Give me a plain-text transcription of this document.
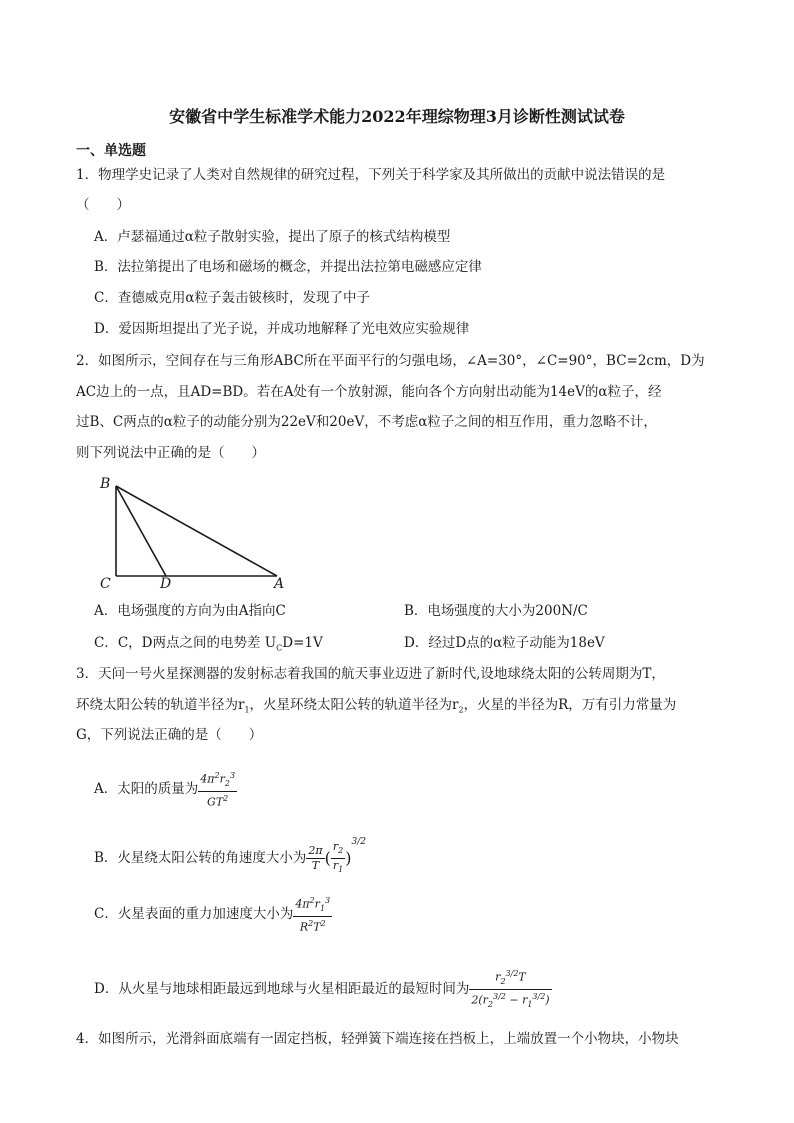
安徽省中学生标准学术能力2022年理综物理3月诊断性测试试卷
一、单选题
1．物理学史记录了人类对自然规律的研究过程，下列关于科学家及其所做出的贡献中说法错误的是
（　　）
A．卢瑟福通过α粒子散射实验，提出了原子的核式结构模型
B．法拉第提出了电场和磁场的概念，并提出法拉第电磁感应定律
C．查德威克用α粒子轰击铍核时，发现了中子
D．爱因斯坦提出了光子说，并成功地解释了光电效应实验规律
2．如图所示，空间存在与三角形ABC所在平面平行的匀强电场，∠A=30°，∠C=90°，BC=2cm，D为
AC边上的一点，且AD=BD。若在A处有一个放射源，能向各个方向射出动能为14eV的α粒子，经
过B、C两点的α粒子的动能分别为22eV和20eV，不考虑α粒子之间的相互作用，重力忽略不计，
则下列说法中正确的是（　　）
B
C	D	A
A．电场强度的方向为由A指向C	B．电场强度的大小为200N/C
C．C，D两点之间的电势差 $U_CD=1V$	D．经过D点的α粒子动能为18eV
3．天问一号火星探测器的发射标志着我国的航天事业迈进了新时代,设地球绕太阳的公转周期为T，
环绕太阳公转的轨道半径为$r_1$，火星环绕太阳公转的轨道半径为$r_2$，火星的半径为R，万有引力常量为
G，下列说法正确的是（　　）
A．太阳的质量为 $\frac{4\pi^2r_2^3}{GT^2}$
B．火星绕太阳公转的角速度大小为 $\frac{2\pi}{T}$ ( $\frac{r_2}{r_1} )^{3/2}$
C．火星表面的重力加速度大小为 $\frac{4\pi^2r_1^3}{R^2T^2}$
D．从火星与地球相距最远到地球与火星相距最近的最短时间为 $\frac{r_2^{3/2}T}{2(r_2^{3/2} - r_1^{3/2})}$
4．如图所示，光滑斜面底端有一固定挡板，轻弹簧下端连接在挡板上，上端放置一个小物块，小物块
